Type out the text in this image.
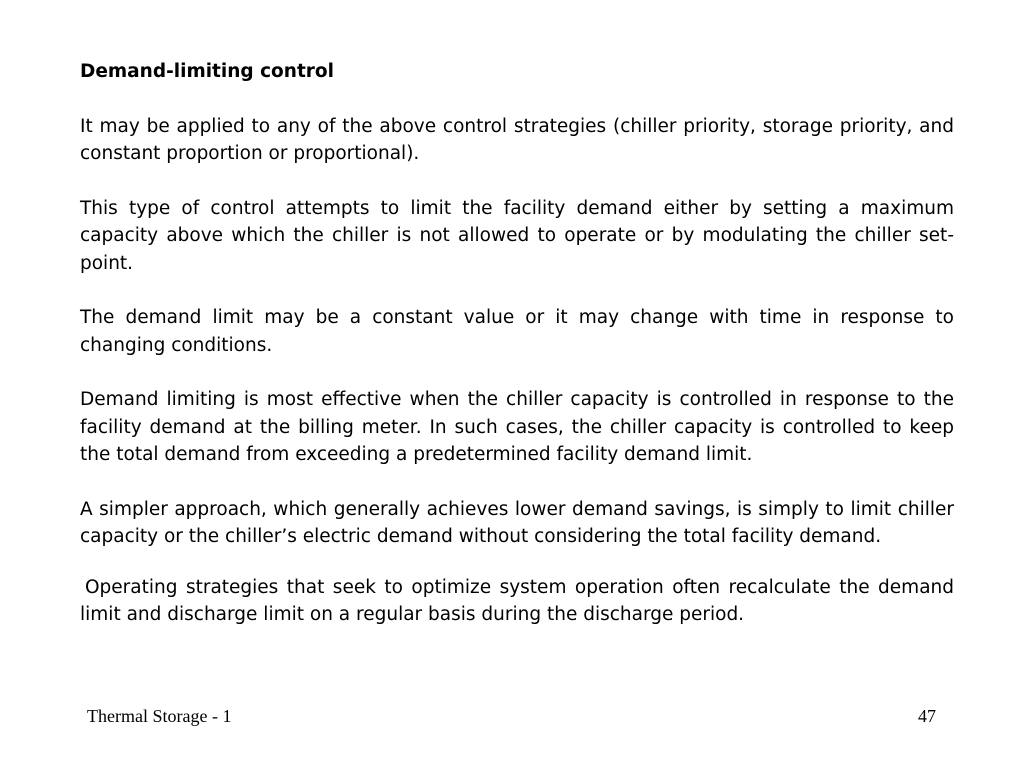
Demand-limiting control

It may be applied to any of the above control strategies (chiller priority, storage priority, and constant proportion or proportional).

This type of control attempts to limit the facility demand either by setting a maximum capacity above which the chiller is not allowed to operate or by modulating the chiller set-point.

The demand limit may be a constant value or it may change with time in response to changing conditions.

Demand limiting is most effective when the chiller capacity is controlled in response to the facility demand at the billing meter. In such cases, the chiller capacity is controlled to keep the total demand from exceeding a predetermined facility demand limit.

A simpler approach, which generally achieves lower demand savings, is simply to limit chiller capacity or the chiller’s electric demand without considering the total facility demand.

Operating strategies that seek to optimize system operation often recalculate the demand limit and discharge limit on a regular basis during the discharge period.

Thermal Storage - 1	47
